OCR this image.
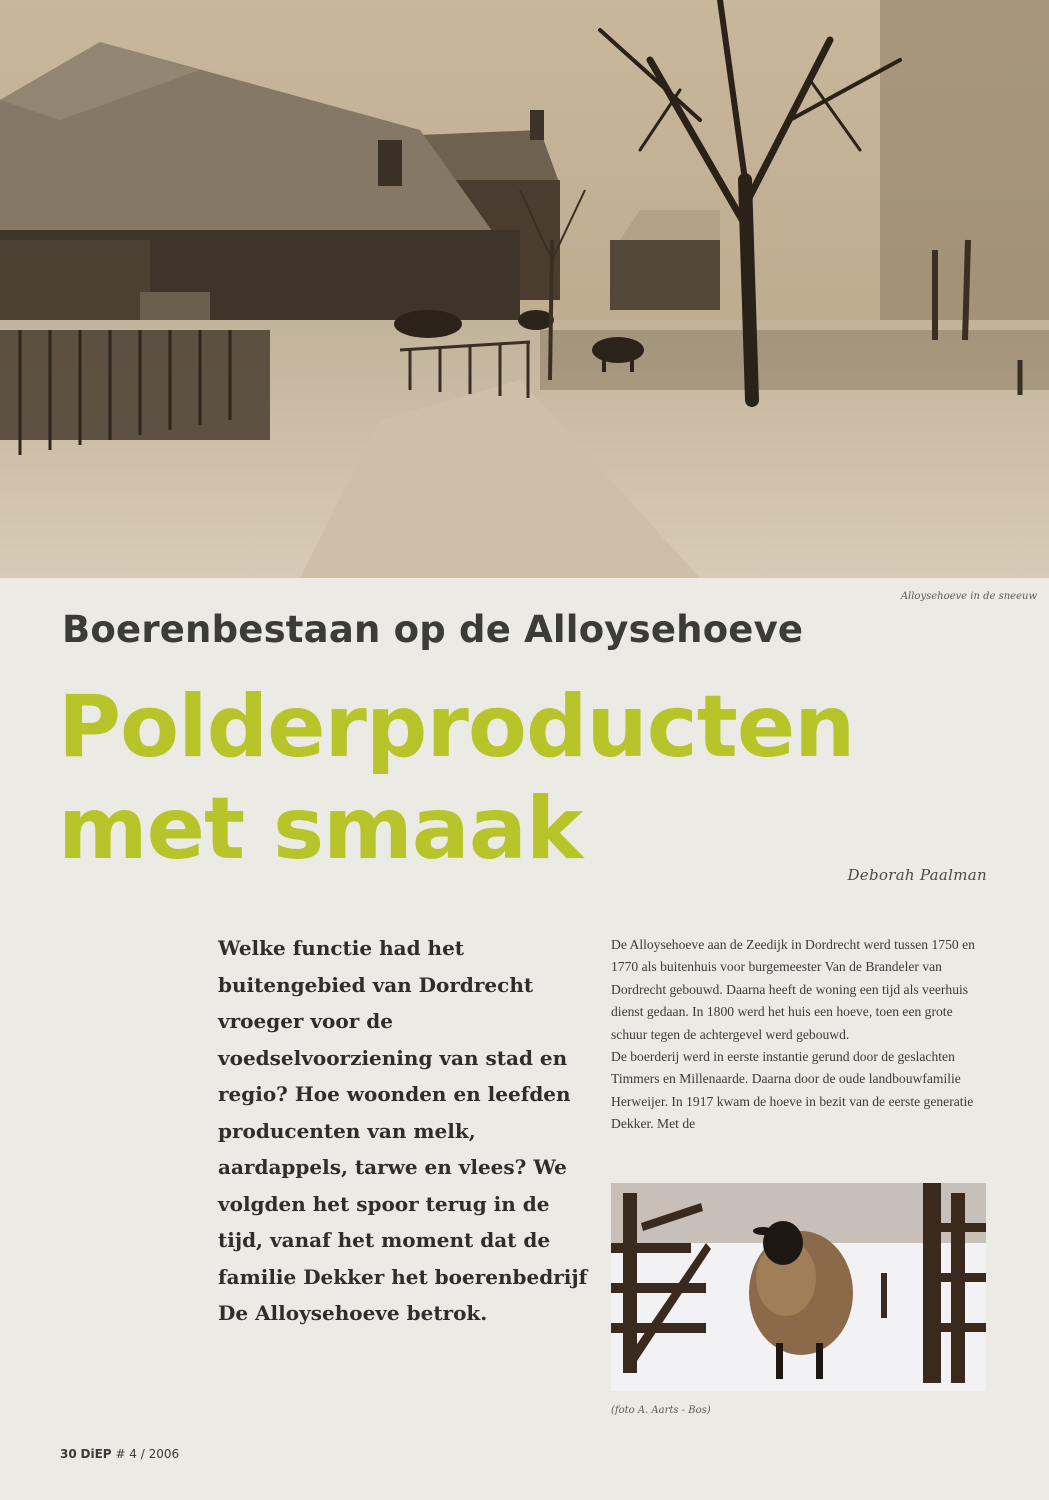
Alloysehoeve in de sneeuw
Boerenbestaan op de Alloysehoeve
Polderproducten
met smaak	Deborah Paalman

Welke functie had het buitengebied van Dordrecht vroeger voor de voedselvoorziening van stad en regio? Hoe woonden en leefden producenten van melk, aardappels, tarwe en vlees? We volgden het spoor terug in de tijd, vanaf het moment dat de familie Dekker het boerenbedrijf De Alloysehoeve betrok.

De Alloysehoeve aan de Zeedijk in Dordrecht werd tussen 1750 en 1770 als buitenhuis voor burgemeester Van de Brandeler van Dordrecht gebouwd. Daarna heeft de woning een tijd als veerhuis dienst gedaan. In 1800 werd het huis een hoeve, toen een grote schuur tegen de achtergevel werd gebouwd.

De boerderij werd in eerste instantie gerund door de geslachten Timmers en Millenaarde. Daarna door de oude landbouwfamilie Herweijer. In 1917 kwam de hoeve in bezit van de eerste generatie Dekker. Met de

(foto A. Aarts - Bos)
30 DiEP # 4 / 2006
